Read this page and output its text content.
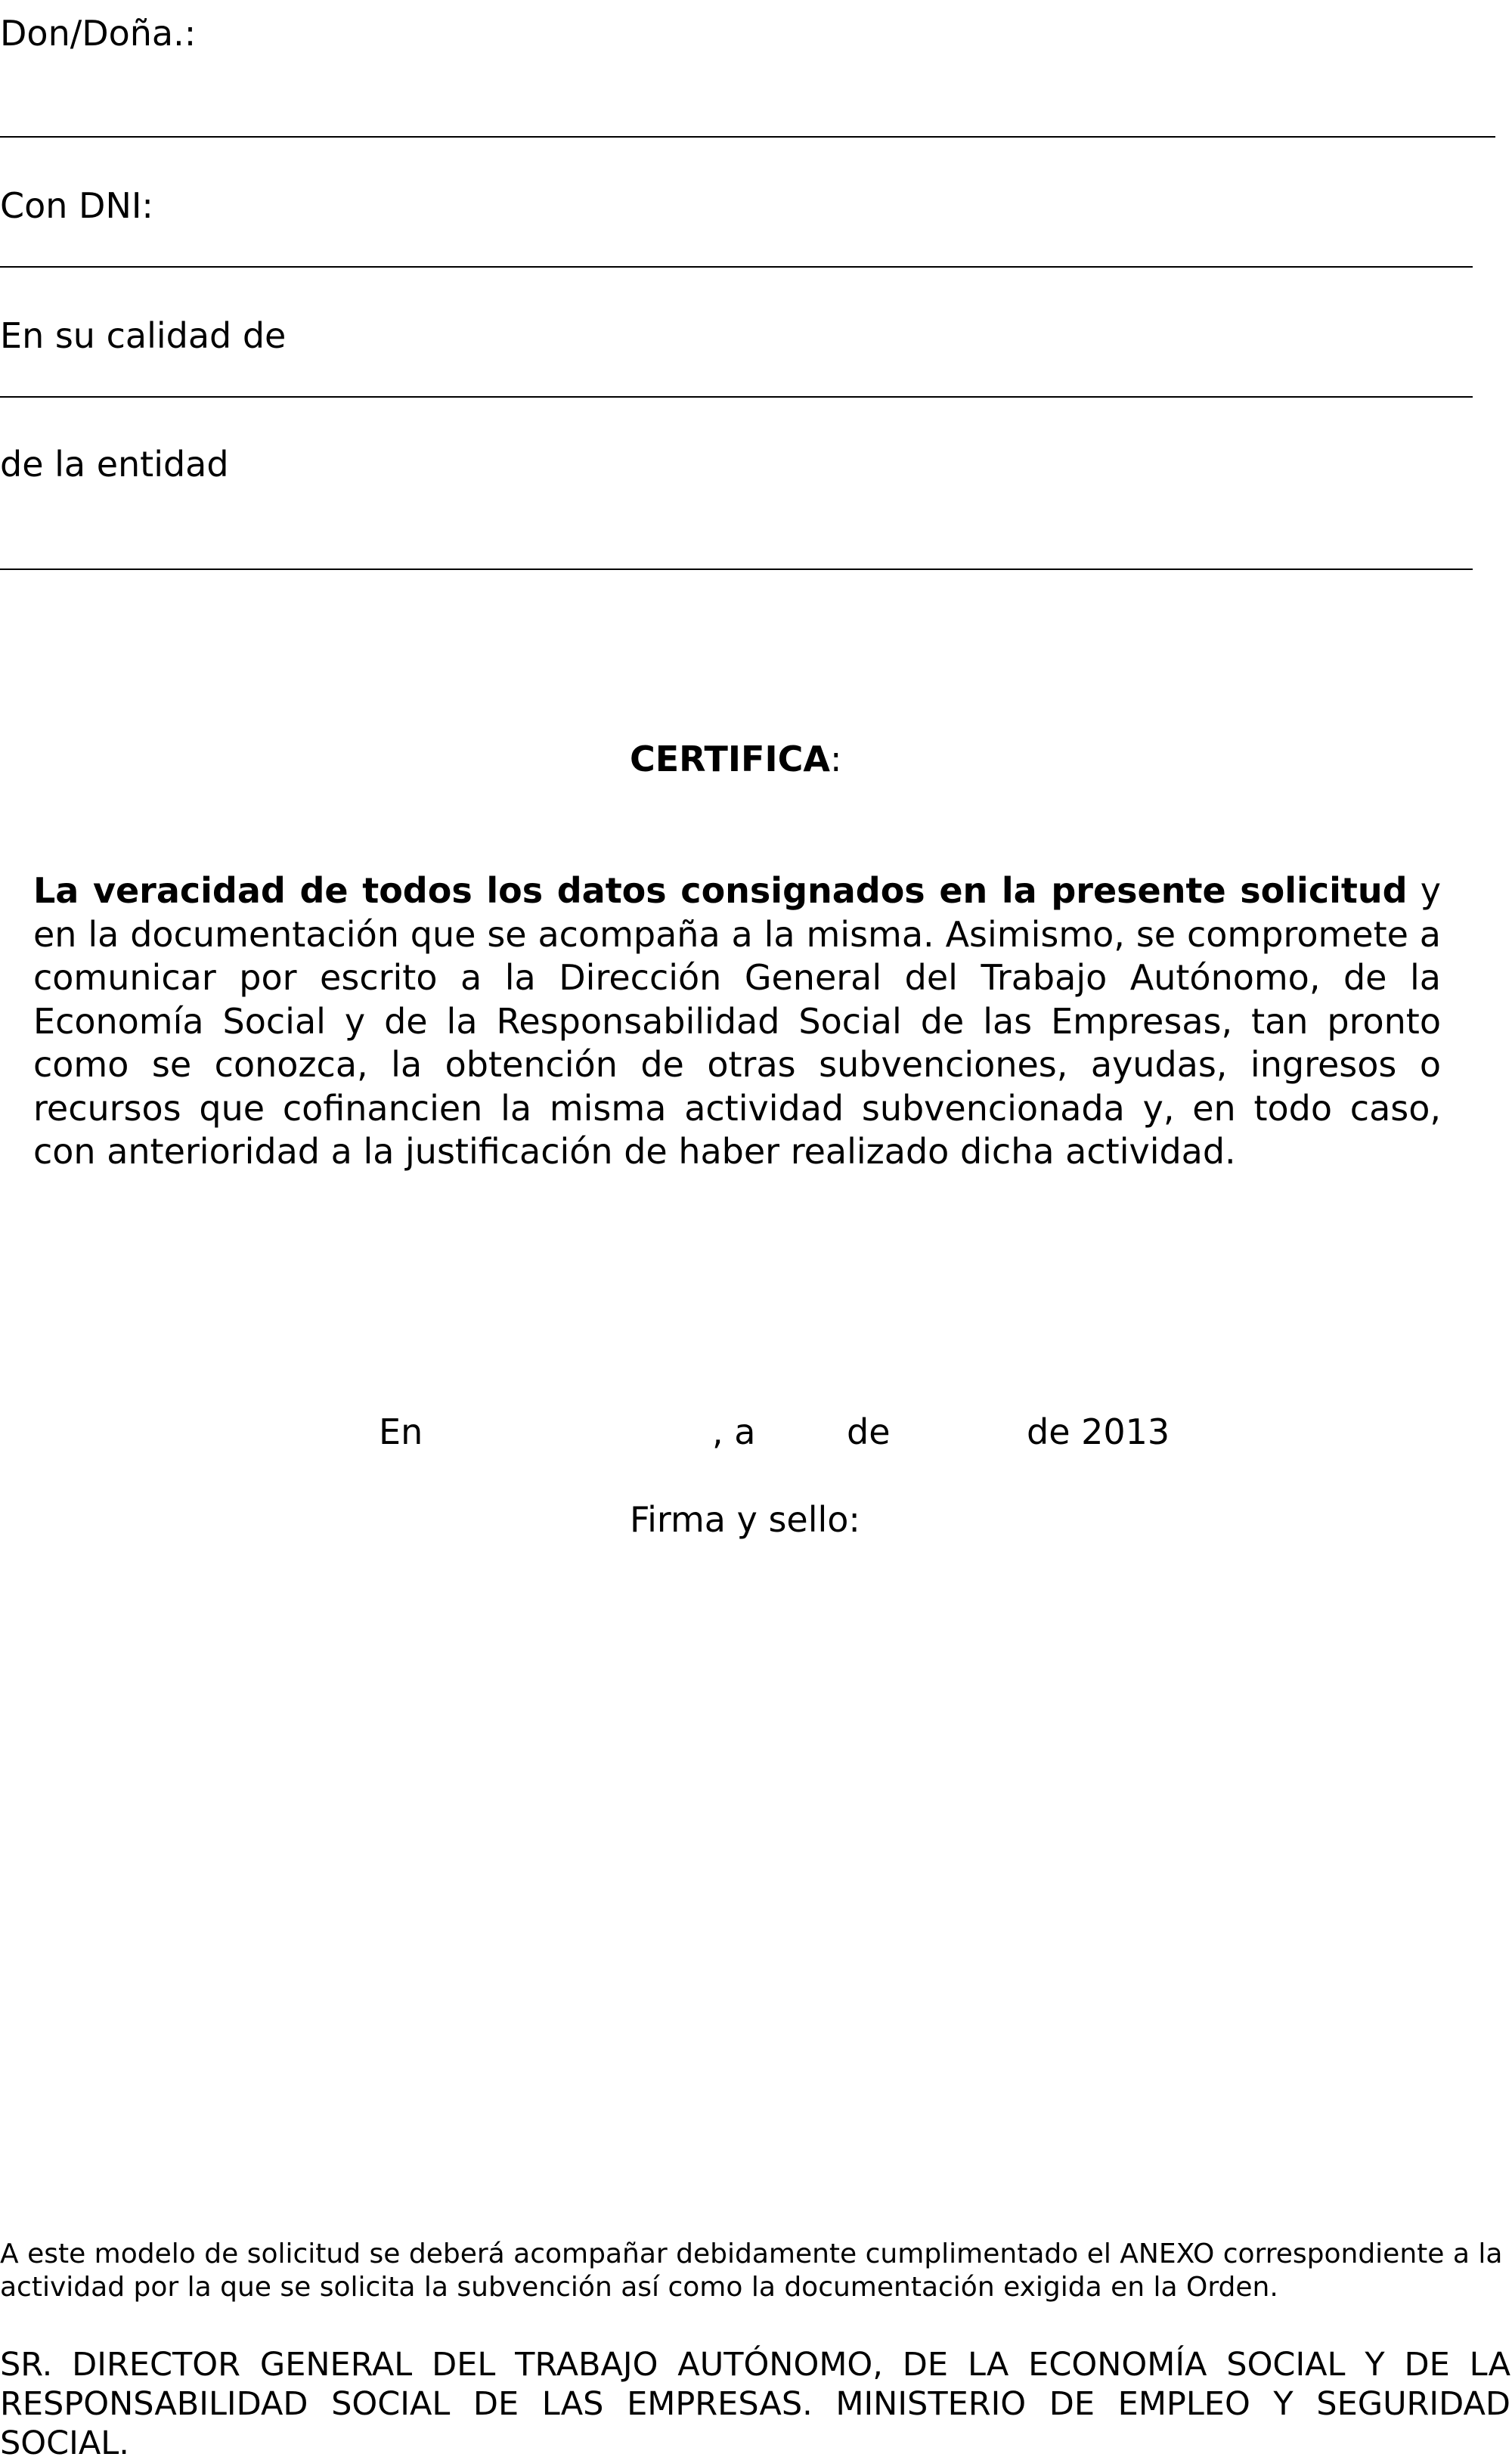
Don/Doña.:
Con DNI:
En su calidad de
de la entidad
CERTIFICA:
La veracidad de todos los datos consignados en la presente solicitud y en la documentación que se acompaña a la misma. Asimismo, se compromete a comunicar por escrito a la Dirección General del Trabajo Autónomo, de la Economía Social y de la Responsabilidad Social de las Empresas, tan pronto como se conozca, la obtención de otras subvenciones, ayudas, ingresos o recursos que cofinancien la misma actividad subvencionada y, en todo caso, con anterioridad a la justificación de haber realizado dicha actividad.
En	, a	de	de 2013
Firma y sello:
A este modelo de solicitud se deberá acompañar debidamente cumplimentado el ANEXO correspondiente a la actividad por la que se solicita la subvención así como la documentación exigida en la Orden.
SR. DIRECTOR GENERAL DEL TRABAJO AUTÓNOMO, DE LA ECONOMÍA SOCIAL Y DE LA RESPONSABILIDAD SOCIAL DE LAS EMPRESAS. MINISTERIO DE EMPLEO Y SEGURIDAD SOCIAL.
